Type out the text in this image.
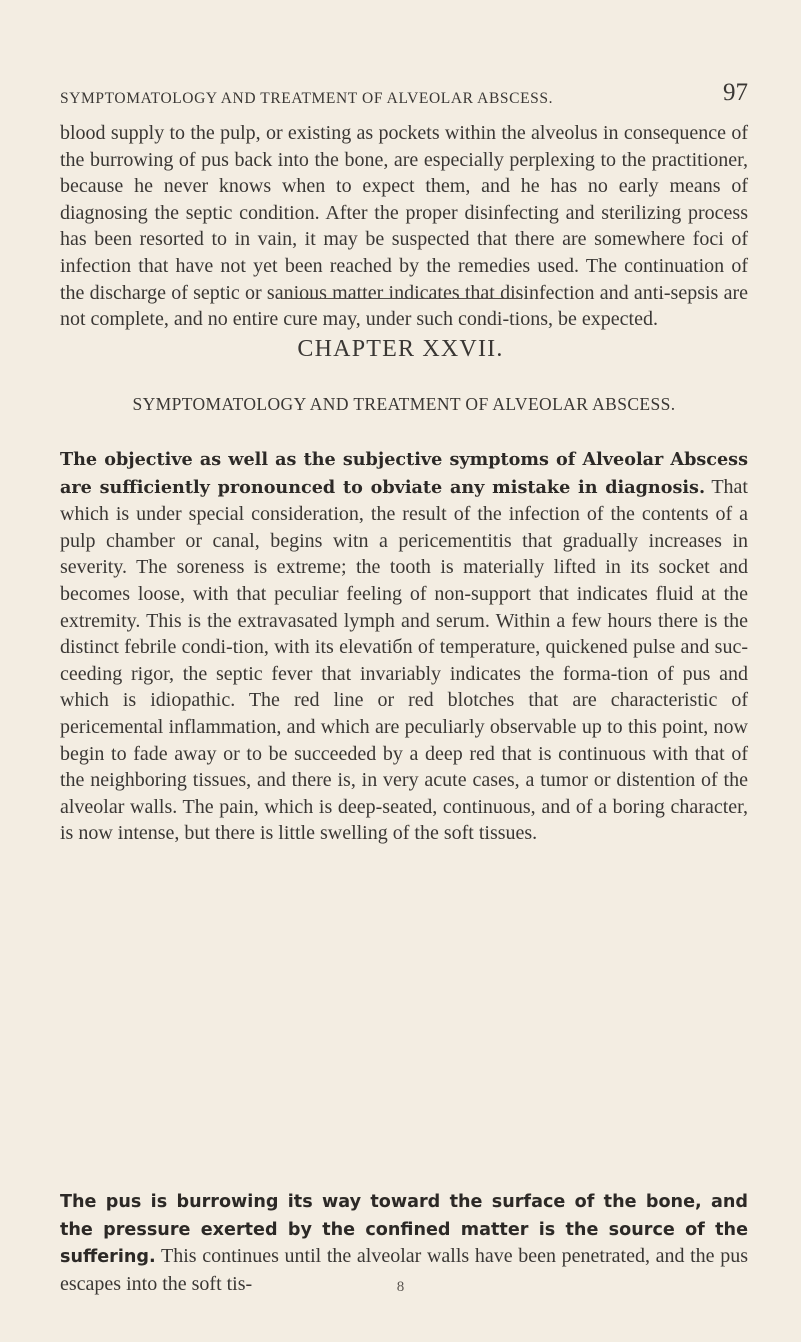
SYMPTOMATOLOGY AND TREATMENT OF ALVEOLAR ABSCESS.	97

blood supply to the pulp, or existing as pockets within the alveolus in consequence of the burrowing of pus back into the bone, are especially perplexing to the practitioner, because he never knows when to expect them, and he has no early means of diagnosing the septic condition. After the proper disinfecting and sterilizing process has been resorted to in vain, it may be suspected that there are somewhere foci of infection that have not yet been reached by the remedies used. The continuation of the discharge of septic or sanious matter indicates that disinfection and anti-sepsis are not complete, and no entire cure may, under such condi-tions, be expected.

CHAPTER XXVII.
SYMPTOMATOLOGY AND TREATMENT OF ALVEOLAR ABSCESS.

The objective as well as the subjective symptoms of Alveolar Abscess are sufficiently pronounced to obviate any mistake in diagnosis. That which is under special consideration, the result of the infection of the contents of a pulp chamber or canal, begins witn a pericementitis that gradually increases in severity. The soreness is extreme; the tooth is materially lifted in its socket and becomes loose, with that peculiar feeling of non-support that indicates fluid at the extremity. This is the extravasated lymph and serum. Within a few hours there is the distinct febrile condi-tion, with its elevatiбn of temperature, quickened pulse and suc-ceeding rigor, the septic fever that invariably indicates the forma-tion of pus and which is idiopathic. The red line or red blotches that are characteristic of pericemental inflammation, and which are peculiarly observable up to this point, now begin to fade away or to be succeeded by a deep red that is continuous with that of the neighboring tissues, and there is, in very acute cases, a tumor or distention of the alveolar walls. The pain, which is deep-seated, continuous, and of a boring character, is now intense, but there is little swelling of the soft tissues.

The pus is burrowing its way toward the surface of the bone, and the pressure exerted by the confined matter is the source of the suffering. This continues until the alveolar walls have been penetrated, and the pus escapes into the soft tis-	8
